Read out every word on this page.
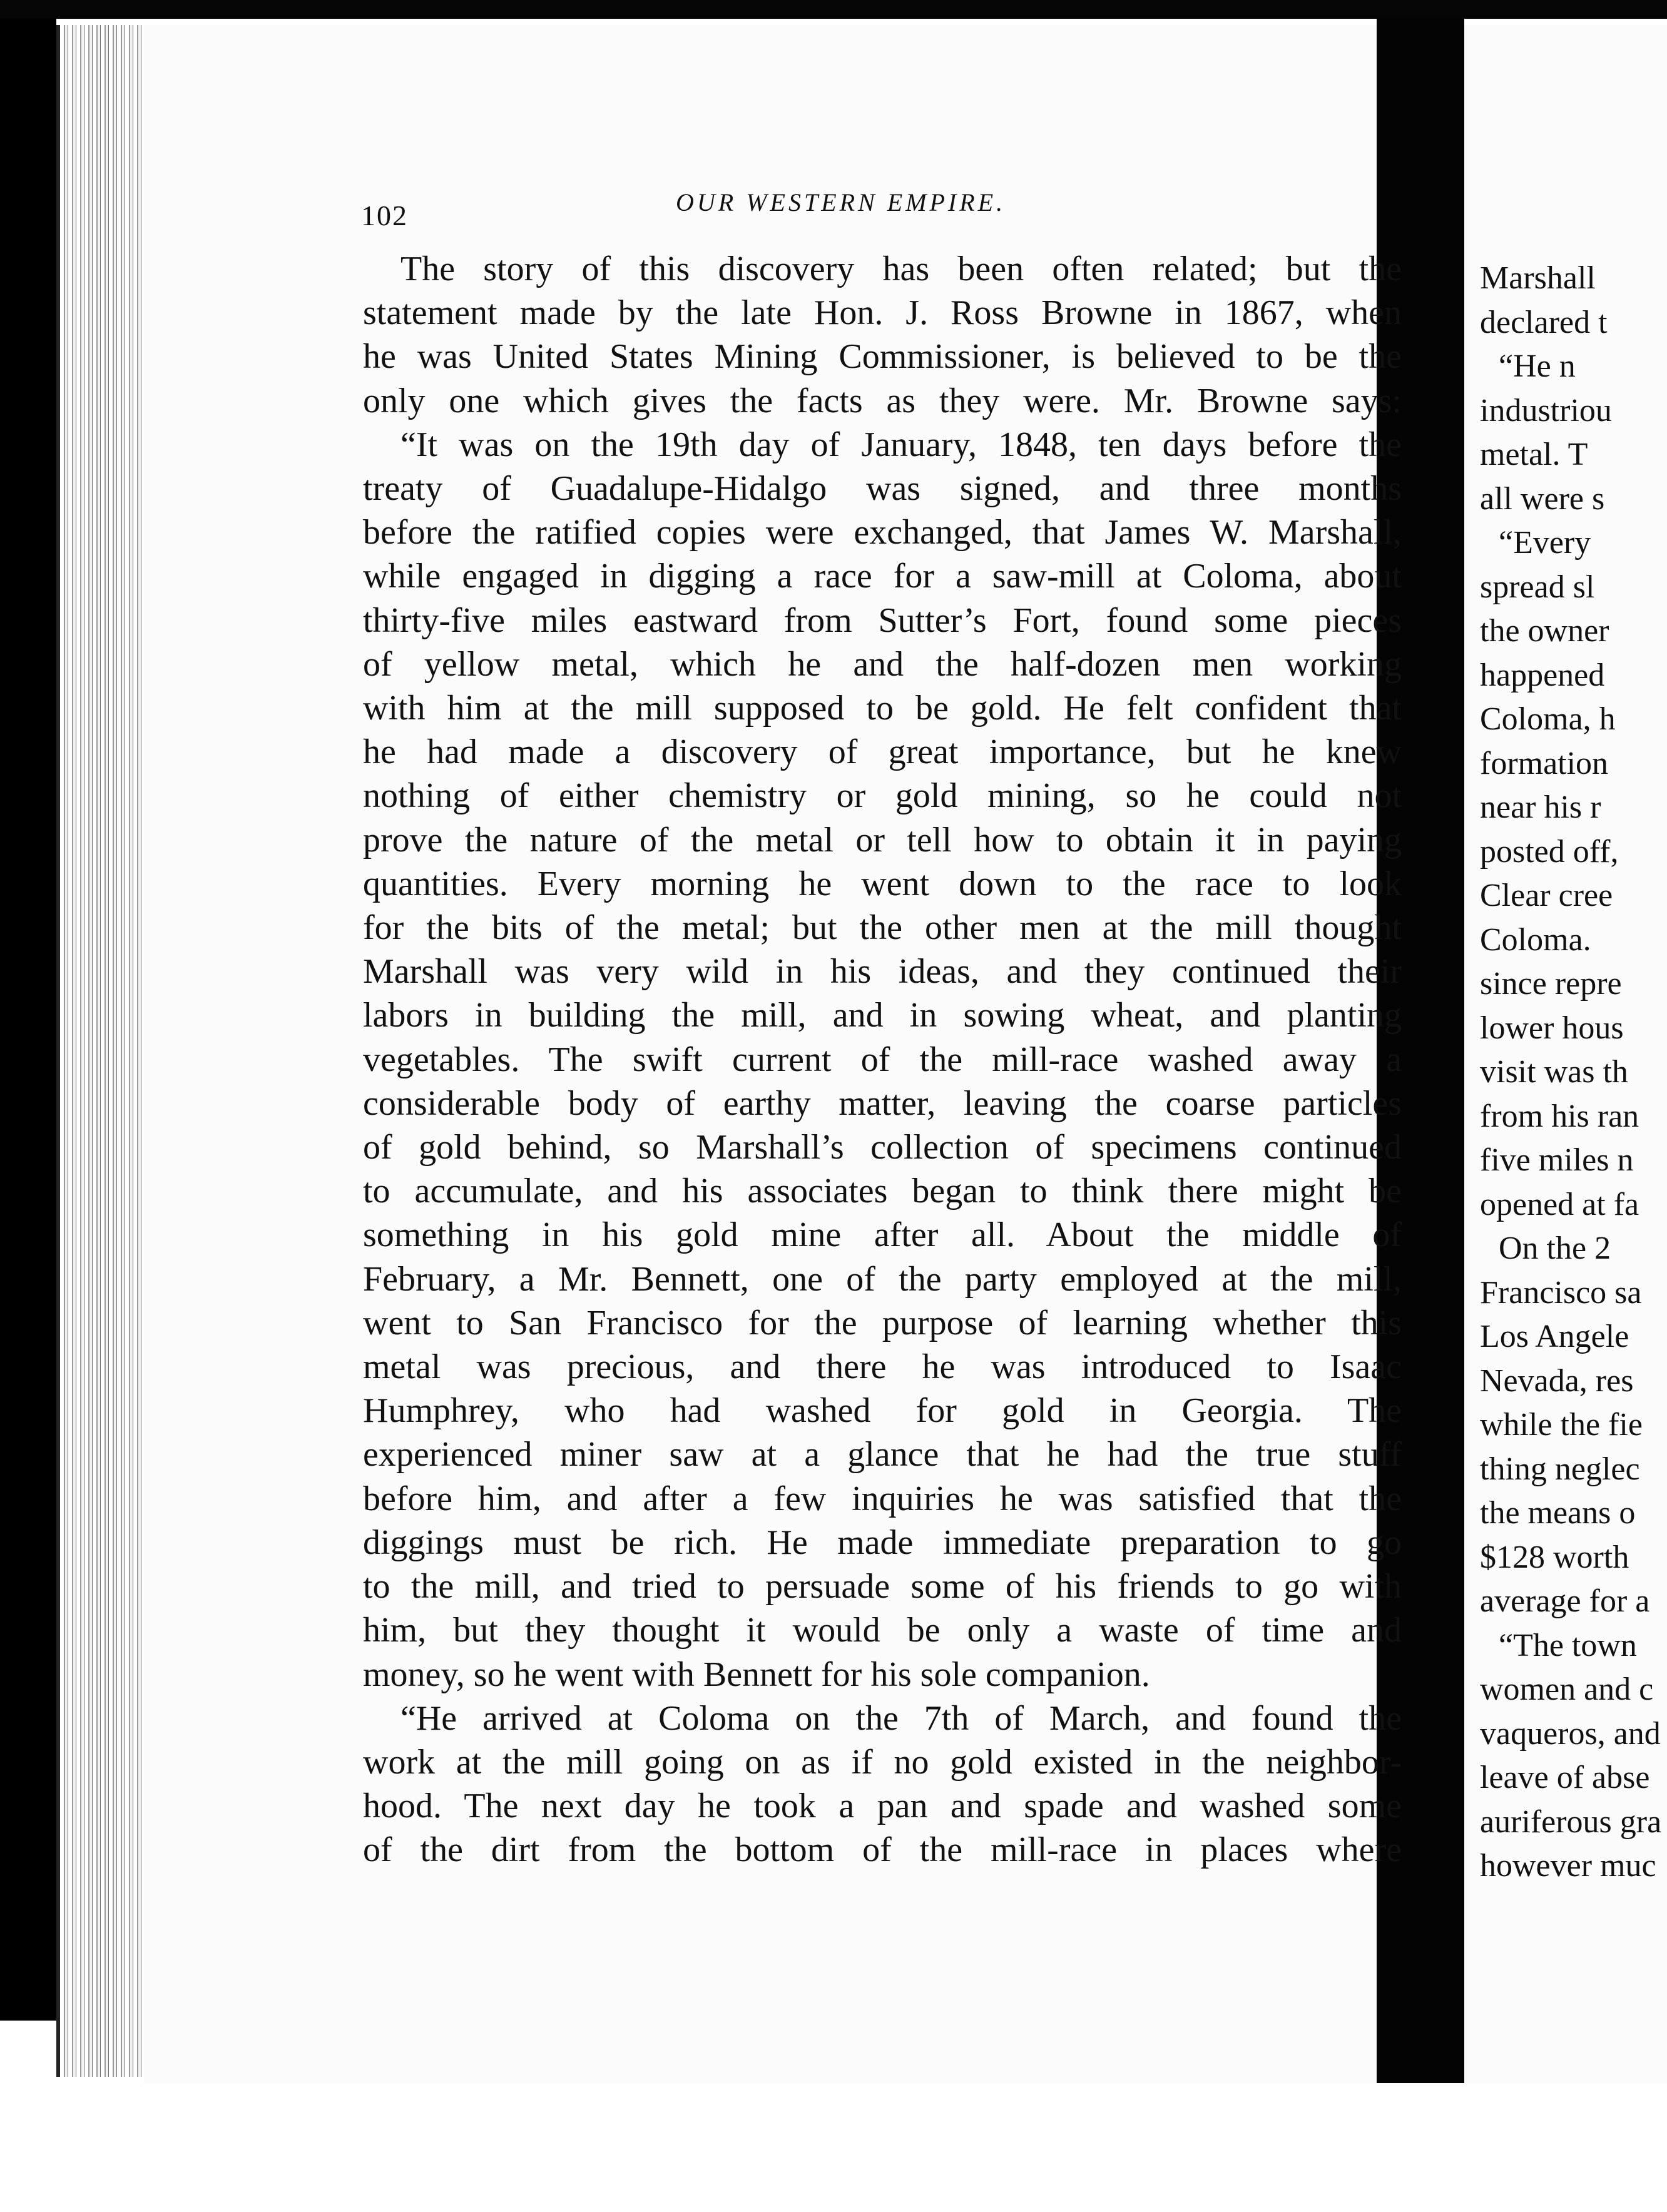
102	OUR WESTERN EMPIRE.
The story of this discovery has been often related; but the
statement made by the late Hon. J. Ross Browne in 1867, when
he was United States Mining Commissioner, is believed to be the
only one which gives the facts as they were. Mr. Browne says:
“It was on the 19th day of January, 1848, ten days before the
treaty of Guadalupe-Hidalgo was signed, and three months
before the ratified copies were exchanged, that James W. Marshall,
while engaged in digging a race for a saw-mill at Coloma, about
thirty-five miles eastward from Sutter’s Fort, found some pieces
of yellow metal, which he and the half-dozen men working
with him at the mill supposed to be gold. He felt confident that
he had made a discovery of great importance, but he knew
nothing of either chemistry or gold mining, so he could not
prove the nature of the metal or tell how to obtain it in paying
quantities. Every morning he went down to the race to look
for the bits of the metal; but the other men at the mill thought
Marshall was very wild in his ideas, and they continued their
labors in building the mill, and in sowing wheat, and planting
vegetables. The swift current of the mill-race washed away a
considerable body of earthy matter, leaving the coarse particles
of gold behind, so Marshall’s collection of specimens continued
to accumulate, and his associates began to think there might be
something in his gold mine after all. About the middle of
February, a Mr. Bennett, one of the party employed at the mill,
went to San Francisco for the purpose of learning whether this
metal was precious, and there he was introduced to Isaac
Humphrey, who had washed for gold in Georgia. The
experienced miner saw at a glance that he had the true stuff
before him, and after a few inquiries he was satisfied that the
diggings must be rich. He made immediate preparation to go
to the mill, and tried to persuade some of his friends to go with
him, but they thought it would be only a waste of time and
money, so he went with Bennett for his sole companion.
“He arrived at Coloma on the 7th of March, and found the
work at the mill going on as if no gold existed in the neighbor-
hood. The next day he took a pan and spade and washed some
of the dirt from the bottom of the mill-race in places where
Marshall
declared t
“He n
industriou
metal. T
all were s
“Every
spread sl
the owner
happened
Coloma, h
formation
near his r
posted off,
Clear cree
Coloma.
since repre
lower hous
visit was th
from his ran
five miles n
opened at fa
On the 2
Francisco sa
Los Angele
Nevada, res
while the fie
thing neglec
the means o
$128 worth
average for a
“The town
women and c
vaqueros, and
leave of abse
auriferous gra
however muc
